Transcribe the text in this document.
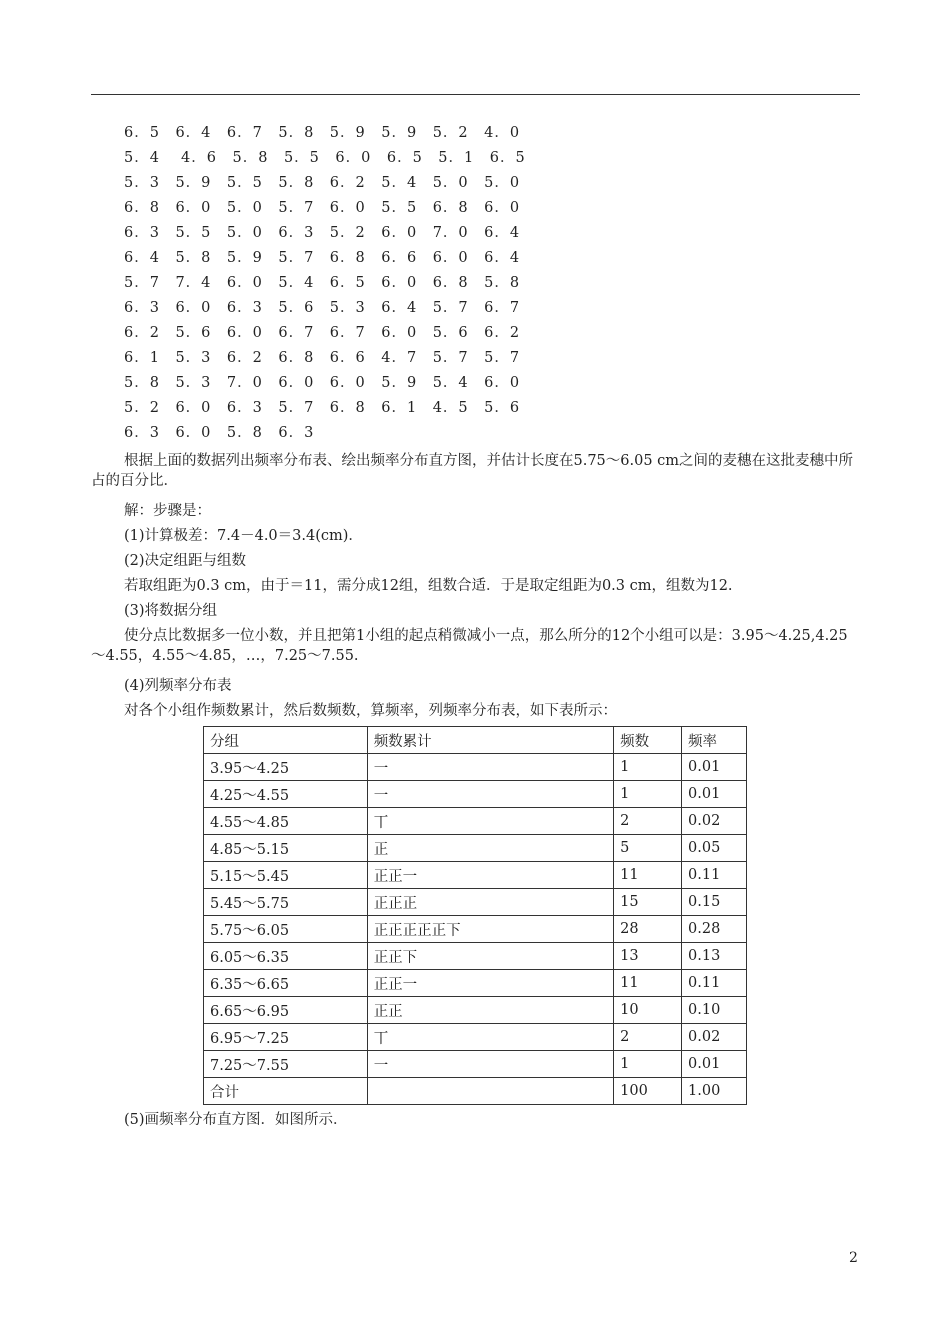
6．5　6．4　6．7　5．8　5．9　5．9　5．2　4．0
5．4　 4．6　5．8　5．5　6．0　6．5　5．1　6．5
5．3　5．9　5．5　5．8　6．2　5．4　5．0　5．0
6．8　6．0　5．0　5．7　6．0　5．5　6．8　6．0
6．3　5．5　5．0　6．3　5．2　6．0　7．0　6．4
6．4　5．8　5．9　5．7　6．8　6．6　6．0　6．4
5．7　7．4　6．0　5．4　6．5　6．0　6．8　5．8
6．3　6．0　6．3　5．6　5．3　6．4　5．7　6．7
6．2　5．6　6．0　6．7　6．7　6．0　5．6　6．2
6．1　5．3　6．2　6．8　6．6　4．7　5．7　5．7
5．8　5．3　7．0　6．0　6．0　5．9　5．4　6．0
5．2　6．0　6．3　5．7　6．8　6．1　4．5　5．6
6．3　6．0　5．8　6．3
根据上面的数据列出频率分布表、绘出频率分布直方图，并估计长度在5.75～6.05 cm之间的麦穗在这批麦穗中所占的百分比．
解：步骤是：
(1)计算极差：7.4－4.0＝3.4(cm)．
(2)决定组距与组数
若取组距为0.3 cm，由于＝11，需分成12组，组数合适．于是取定组距为0.3 cm，组数为12.
(3)将数据分组
使分点比数据多一位小数，并且把第1小组的起点稍微减小一点，那么所分的12个小组可以是：3.95～4.25,4.25～4.55，4.55～4.85，…，7.25～7.55.
(4)列频率分布表
对各个小组作频数累计，然后数频数，算频率，列频率分布表，如下表所示：
分组	频数累计	频数	频率
3.95～4.25	一	1	0.01
4.25～4.55	一	1	0.01
4.55～4.85	丅	2	0.02
4.85～5.15	正	5	0.05
5.15～5.45	正正一	11	0.11
5.45～5.75	正正正	15	0.15
5.75～6.05	正正正正正下	28	0.28
6.05～6.35	正正下	13	0.13
6.35～6.65	正正一	11	0.11
6.65～6.95	正正	10	0.10
6.95～7.25	丅	2	0.02
7.25～7.55	一	1	0.01
合计		100	1.00
(5)画频率分布直方图．如图所示．
2
